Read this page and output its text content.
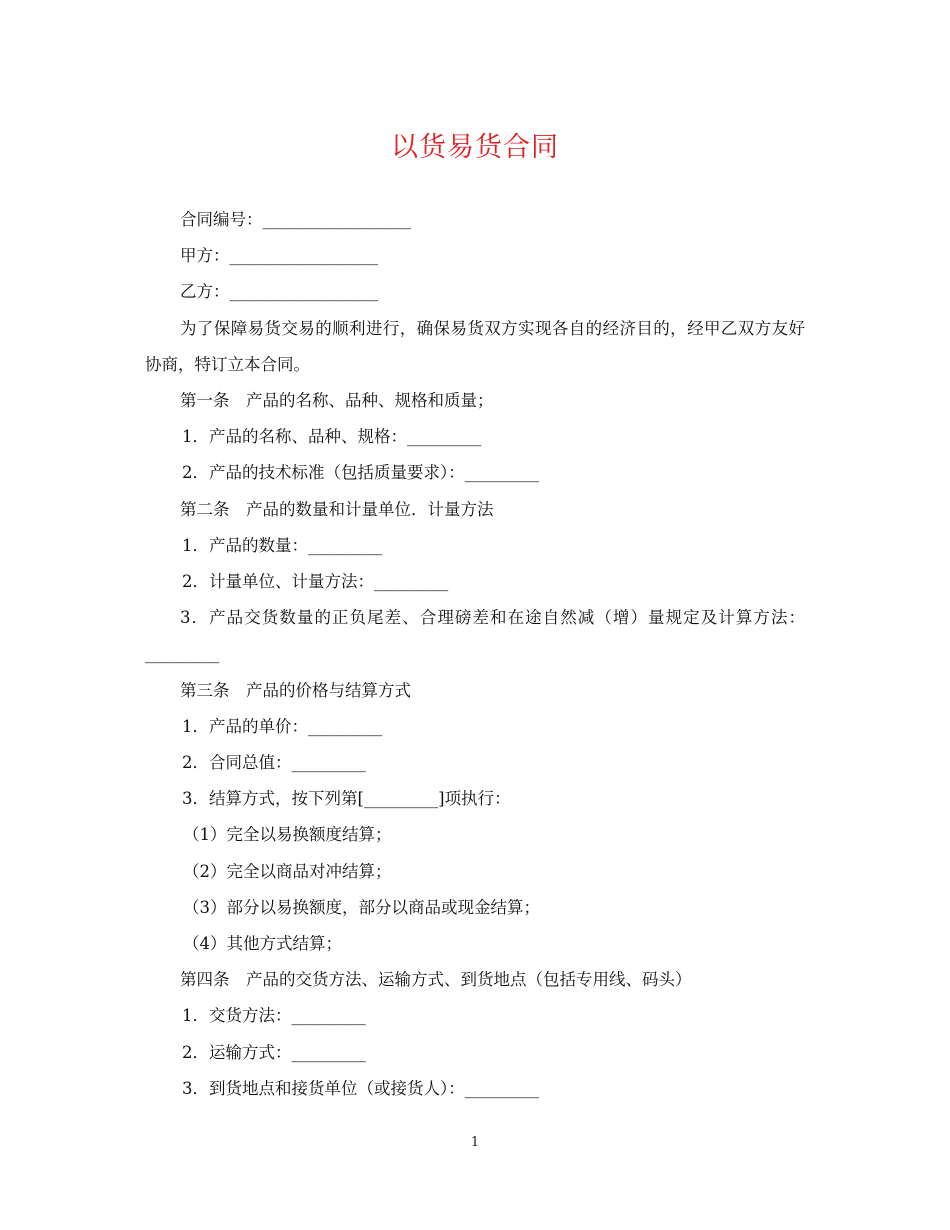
以货易货合同
合同编号：__________________
甲方：__________________
乙方：__________________
为了保障易货交易的顺利进行，确保易货双方实现各自的经济目的，经甲乙双方友好协商，特订立本合同。
第一条　产品的名称、品种、规格和质量；
1．产品的名称、品种、规格：_________
2．产品的技术标准（包括质量要求）：_________
第二条　产品的数量和计量单位．计量方法
1．产品的数量：_________
2．计量单位、计量方法：_________
3．产品交货数量的正负尾差、合理磅差和在途自然减（增）量规定及计算方法：_________
第三条　产品的价格与结算方式
1．产品的单价：_________
2．合同总值：_________
3．结算方式，按下列第[_________]项执行：
（1）完全以易换额度结算；
（2）完全以商品对冲结算；
（3）部分以易换额度，部分以商品或现金结算；
（4）其他方式结算；
第四条　产品的交货方法、运输方式、到货地点（包括专用线、码头）
1．交货方法：_________
2．运输方式：_________
3．到货地点和接货单位（或接货人）：_________
1
